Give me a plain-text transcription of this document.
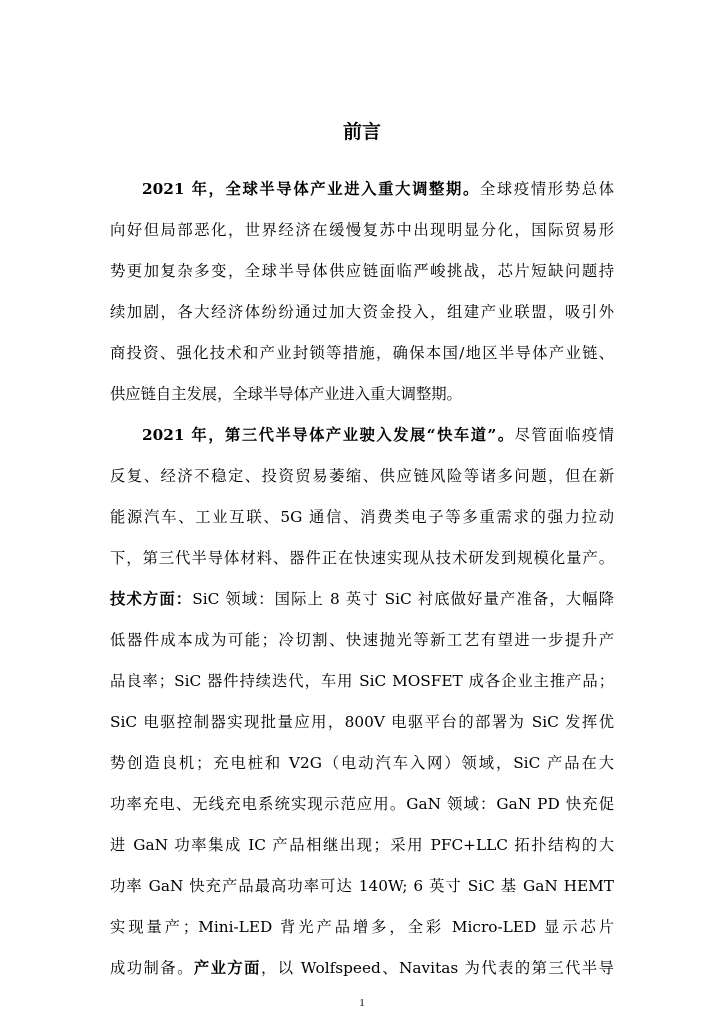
前言
2021 年，全球半导体产业进入重大调整期。全球疫情形势总体
向好但局部恶化，世界经济在缓慢复苏中出现明显分化，国际贸易形
势更加复杂多变，全球半导体供应链面临严峻挑战，芯片短缺问题持
续加剧，各大经济体纷纷通过加大资金投入，组建产业联盟，吸引外
商投资、强化技术和产业封锁等措施，确保本国/地区半导体产业链、
供应链自主发展，全球半导体产业进入重大调整期。
2021 年，第三代半导体产业驶入发展“快车道”。尽管面临疫情
反复、经济不稳定、投资贸易萎缩、供应链风险等诸多问题，但在新
能源汽车、工业互联、5G 通信、消费类电子等多重需求的强力拉动
下，第三代半导体材料、器件正在快速实现从技术研发到规模化量产。
技术方面：SiC 领域：国际上 8 英寸 SiC 衬底做好量产准备，大幅降
低器件成本成为可能；冷切割、快速抛光等新工艺有望进一步提升产
品良率；SiC 器件持续迭代，车用 SiC MOSFET 成各企业主推产品；
SiC 电驱控制器实现批量应用，800V 电驱平台的部署为 SiC 发挥优
势创造良机；充电桩和 V2G（电动汽车入网）领域，SiC 产品在大
功率充电、无线充电系统实现示范应用。GaN 领域：GaN PD 快充促
进 GaN 功率集成 IC 产品相继出现；采用 PFC+LLC 拓扑结构的大
功率 GaN 快充产品最高功率可达 140W; 6 英寸 SiC 基 GaN HEMT
实现量产；Mini-LED 背光产品增多，全彩 Micro-LED 显示芯片
成功制备。产业方面，以 Wolfspeed、Navitas 为代表的第三代半导
1
